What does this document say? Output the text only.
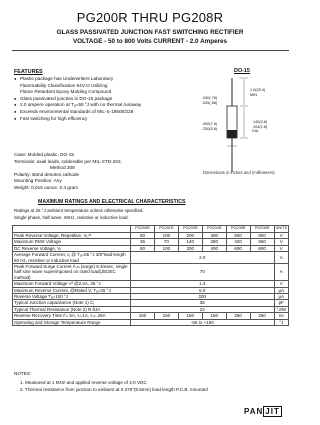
PG200R THRU PG208R
GLASS PASSIVATED JUNCTION FAST SWITCHING RECTIFIER
VOLTAGE - 50 to 800 Volts CURRENT - 2.0 Amperes
FEATURES
● Plastic package has Underwriters Laboratory
Flammability Classification 94V-O Utilizing
Flame Retardant Epoxy Molding Compound
● Glass passivated junction in DO-15 package
● 2.0 ampere operation at Tₐ=55 °J with no thermal runaway
● Exceeds environmental standards of MIL-S-19500/228
● Fast switching for high efficiency
Case: Molded plastic, DO-15
Terminals: axial leads, solderable per MIL-STD-202,
Method 208
Polarity: Band denotes cathode
Mounting Position: Any
Weight: 0.015 ounce, 0.4 gram
DO-15
1.0(25.4)
MIN
.030(.76)
.026(.66)
.300(7.6)
.230(5.8)
.140(3.6)
.104(2.6)
DIA
Dimensions in inches and (millimeters)
MAXIMUM RATINGS AND ELECTRICAL CHARACTERISTICS
Ratings at 25 °J ambient temperature unless otherwise specified.
Single phase, half wave, 60Hz, resistive or inductive load.
	PG200R	PG201R	PG202R	PG204R	PG206R	PG208R	UNITS
Peak Reverse Voltage, Repetitive, Vᵣᵣᵐ	50	100	200	400	600	800	V
Maximum RMS Voltage	35	70	140	280	420	560	V
DC Reverse Voltage, Vᵣ	50	100	200	400	600	800	V
Average Forward Current, Iₒ @ Tₐ=55 °J 3/8"lead length 60 Hz, resistive or inductive load	2.0						A
Peak Forward Surge Current Iᶠₛₘ (surge) 8.3msec, single half sine wave superimposed on rated load(JEDEC method)	70						A
Maximum Forward Voltage Vᶠ @2.0A, 25 °J	1.3						V
Maximum Reverse Current, @Rated Vᵣ Tₐ=25 °J	5.0						µA
Reverse Voltage Tₐ=100 °J	200						µA
Typical Junction capacitance (Note 1) Cⱼ	35						pF
Typical Thermal Resistance (Note 2) R θJA	22						°J/W
Reverse Recovery Time Iᶠ=.5A, Iᵣ=1A, Iᵣᵣ=.25A	150	150	150	150	250	250	ns
Operating and Storage Temperature Range	-55 to +150						°J
NOTES:
1. Measured at 1 MHz and applied reverse voltage of 4.0 VDC
2. Thermal resistance from junction to ambient at 0.375"(9.5mm) lead length P.C.B. mounted
PAN JIT
